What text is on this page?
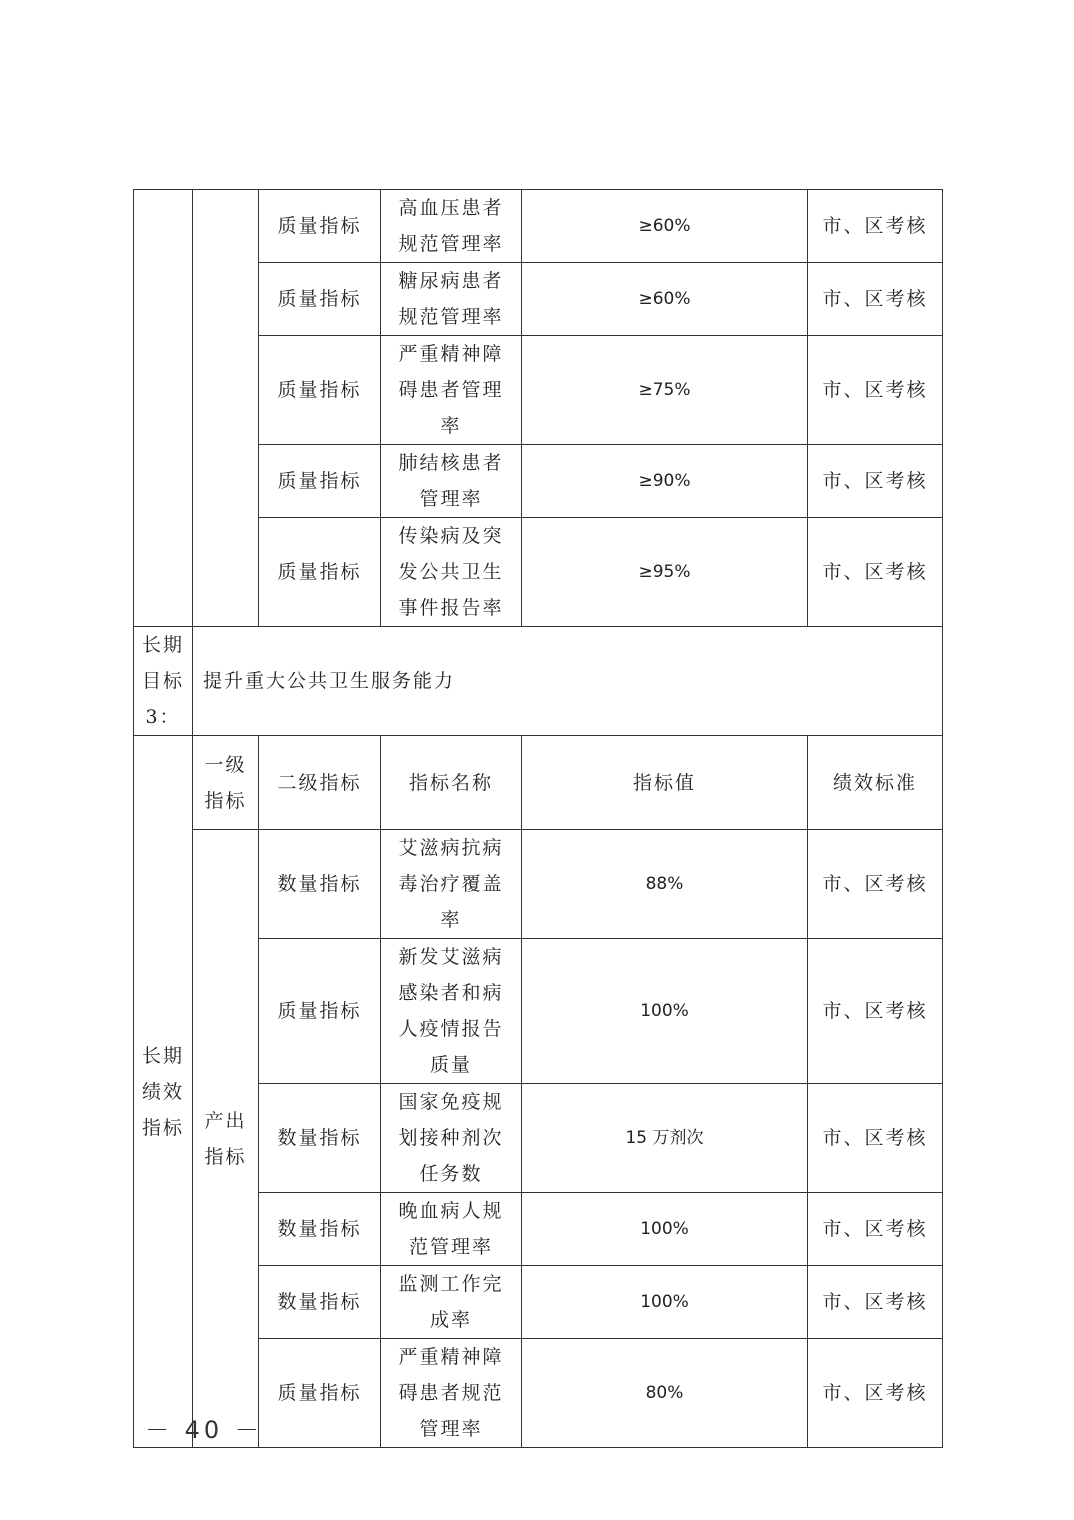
		质量指标	高血压患者规范管理率	≥60%	市、区考核
		质量指标	糖尿病患者规范管理率	≥60%	市、区考核
		质量指标	严重精神障碍患者管理率	≥75%	市、区考核
		质量指标	肺结核患者管理率	≥90%	市、区考核
		质量指标	传染病及突发公共卫生事件报告率	≥95%	市、区考核
长期目标3：	提升重大公共卫生服务能力				
长期绩效指标	一级指标	二级指标	指标名称	指标值	绩效标准
	产出指标	数量指标	艾滋病抗病毒治疗覆盖率	88%	市、区考核
		质量指标	新发艾滋病感染者和病人疫情报告质量	100%	市、区考核
		数量指标	国家免疫规划接种剂次任务数	15 万剂次	市、区考核
		数量指标	晚血病人规范管理率	100%	市、区考核
		数量指标	监测工作完成率	100%	市、区考核
		质量指标	严重精神障碍患者规范管理率	80%	市、区考核
－ 40 －
